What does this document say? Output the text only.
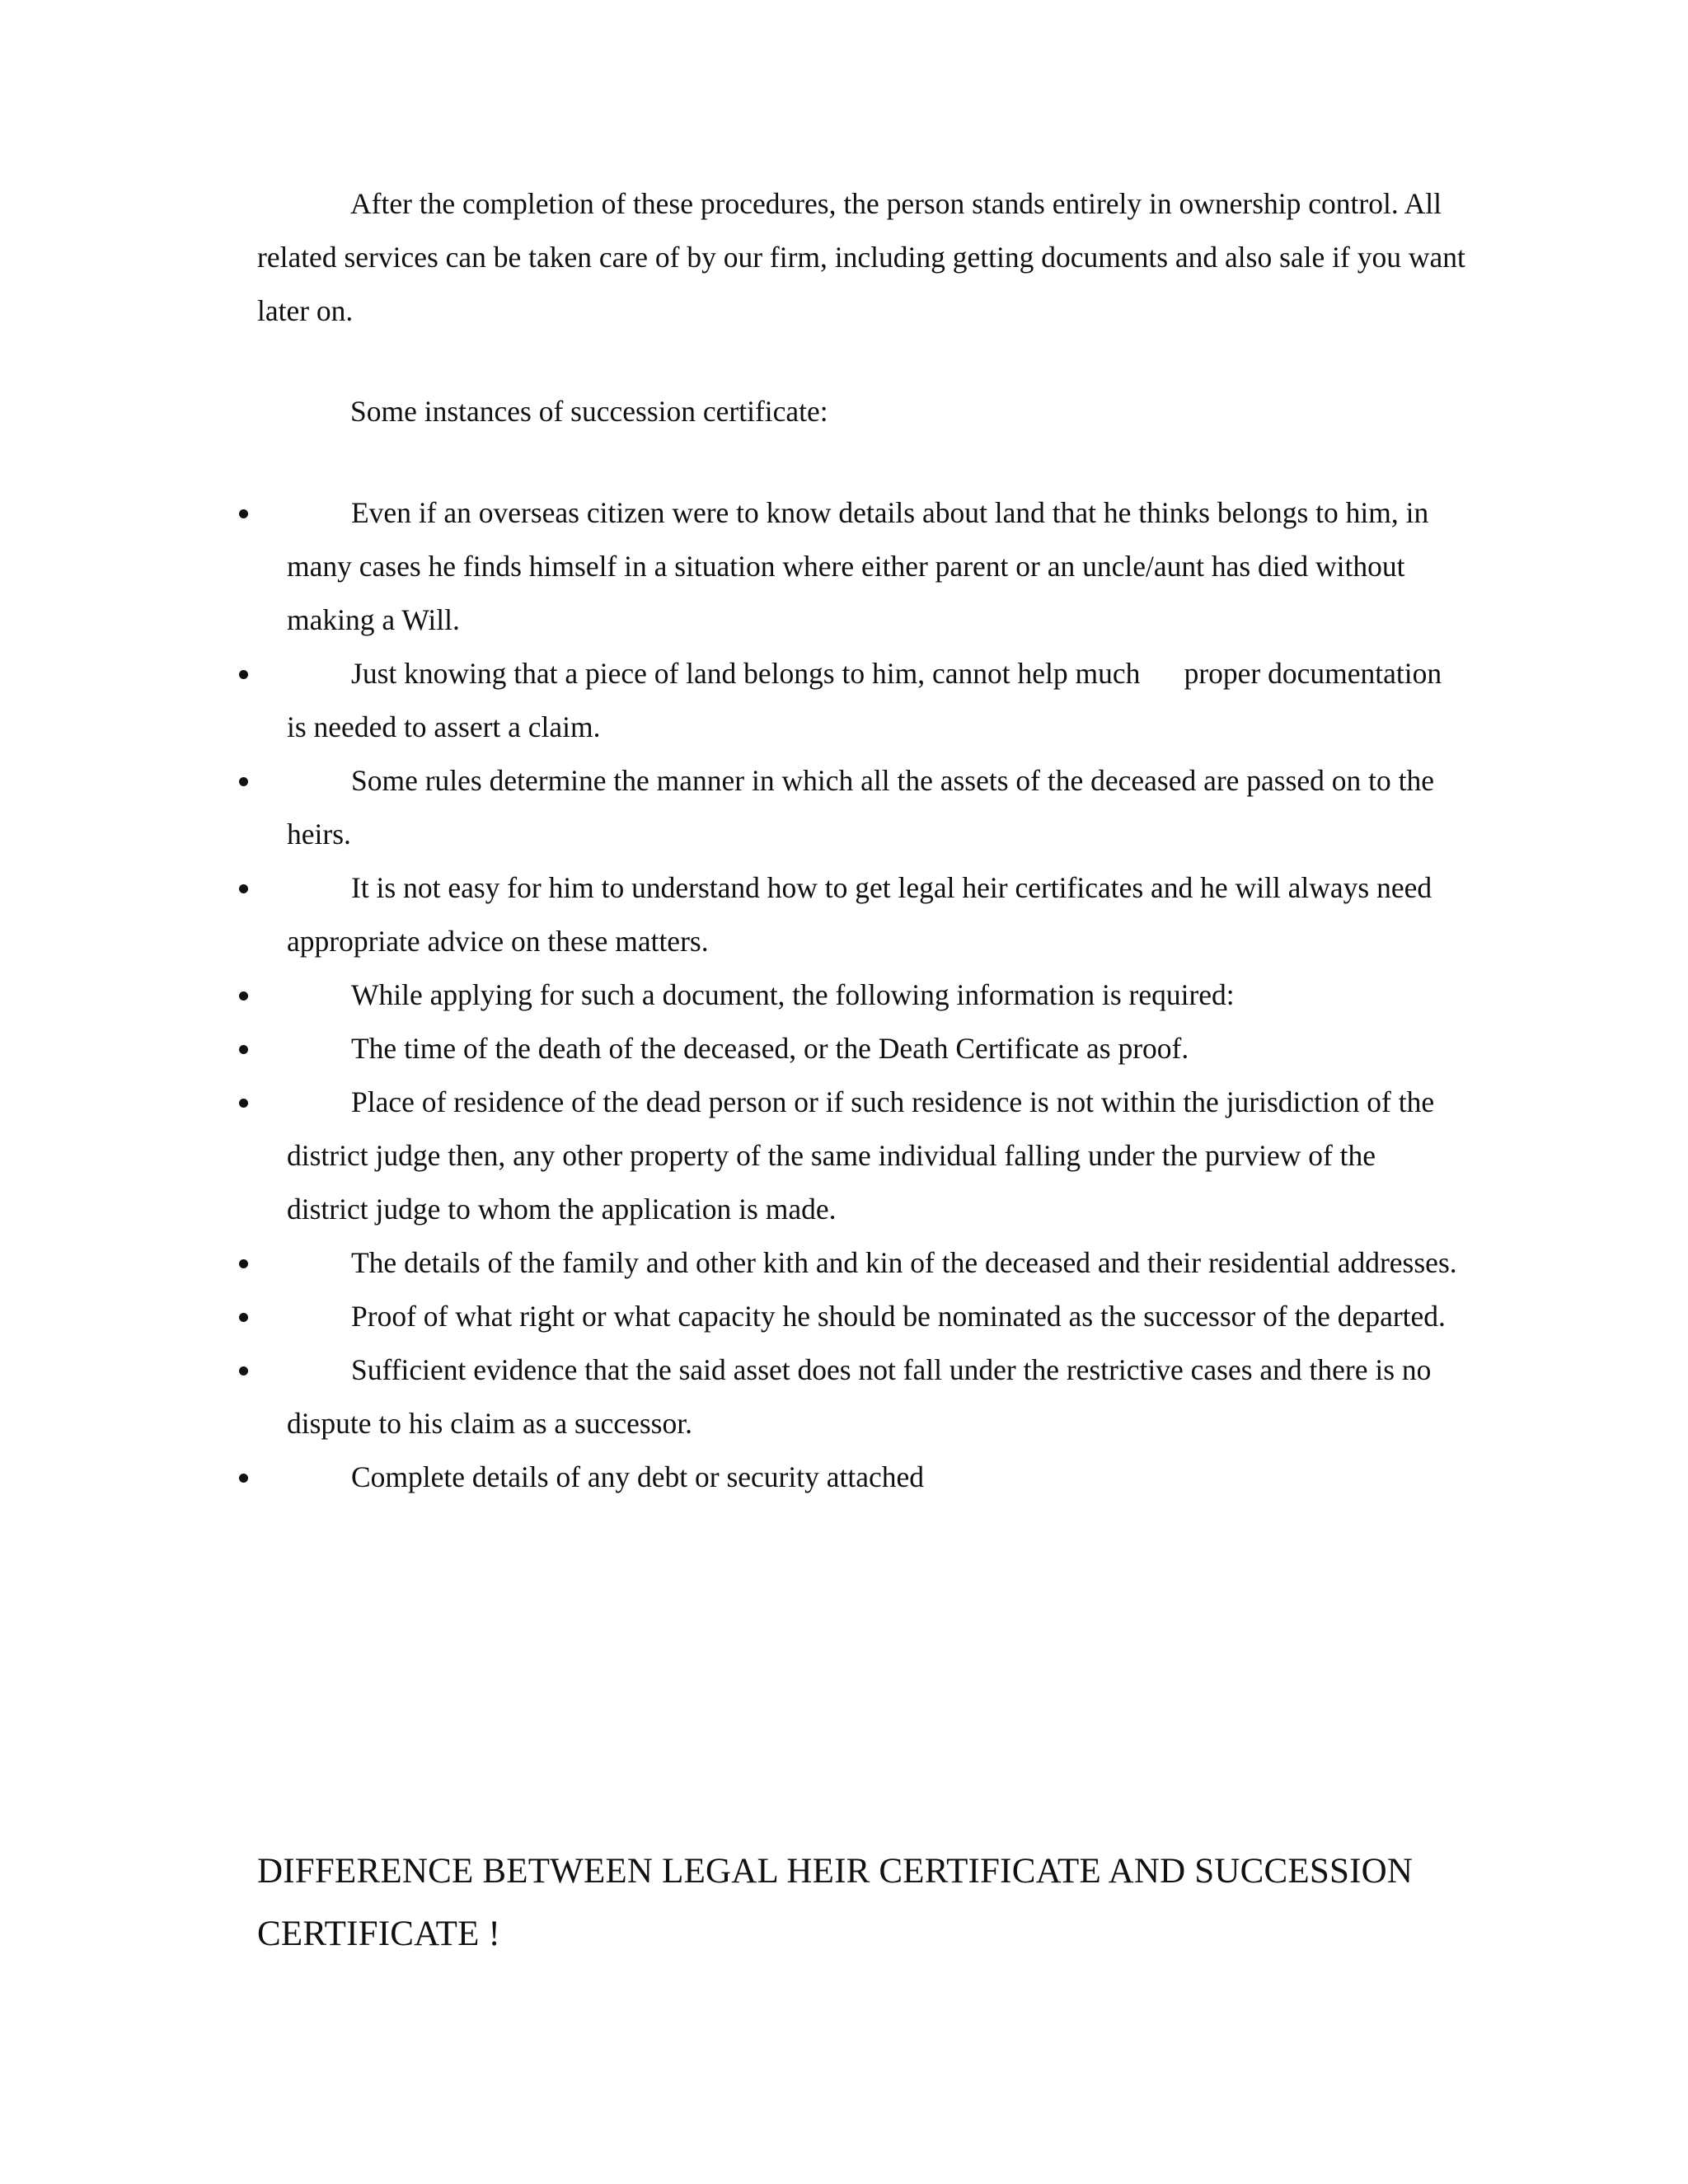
After the completion of these procedures, the person stands entirely in ownership control. All related services can be taken care of by our firm, including getting documents and also sale if you want later on.

Some instances of succession certificate:

Even if an overseas citizen were to know details about land that he thinks belongs to him, in many cases he finds himself in a situation where either parent or an uncle/aunt has died without making a Will.
Just knowing that a piece of land belongs to him, cannot help much      proper documentation is needed to assert a claim.
Some rules determine the manner in which all the assets of the deceased are passed on to the heirs.
It is not easy for him to understand how to get legal heir certificates and he will always need appropriate advice on these matters.
While applying for such a document, the following information is required:
The time of the death of the deceased, or the Death Certificate as proof.
Place of residence of the dead person or if such residence is not within the jurisdiction of the district judge then, any other property of the same individual falling under the purview of the district judge to whom the application is made.
The details of the family and other kith and kin of the deceased and their residential addresses.
Proof of what right or what capacity he should be nominated as the successor of the departed.
Sufficient evidence that the said asset does not fall under the restrictive cases and there is no dispute to his claim as a successor.
Complete details of any debt or security attached
DIFFERENCE BETWEEN LEGAL HEIR CERTIFICATE AND SUCCESSION CERTIFICATE !
